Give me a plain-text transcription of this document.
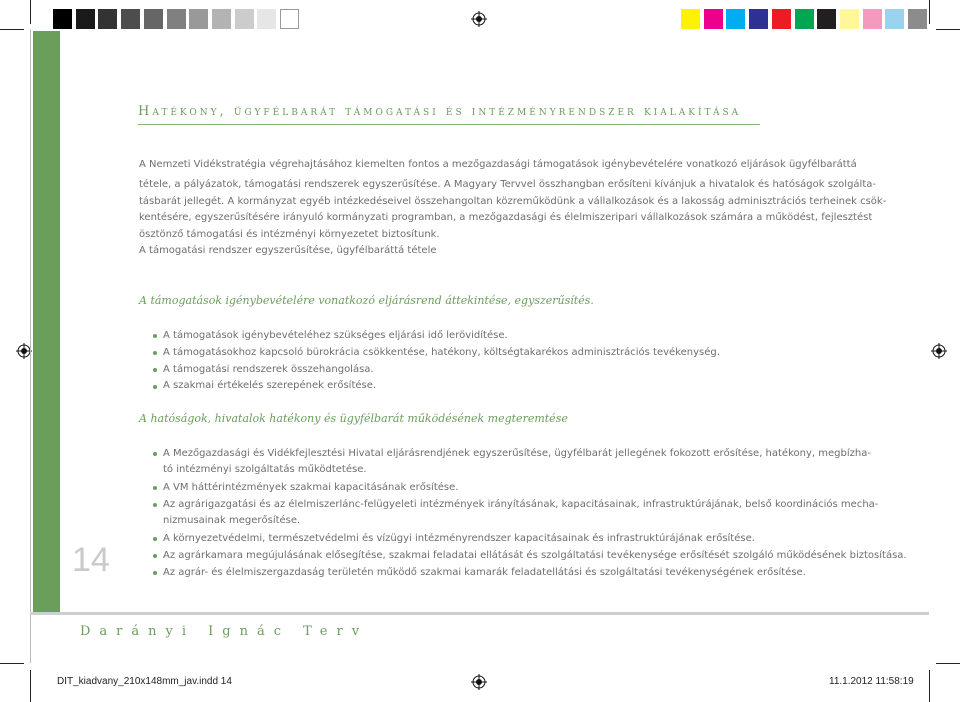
Hatékony, ügyfélbarát támogatási és intézményrendszer kialakítása
A Nemzeti Vidékstratégia végrehajtásához kiemelten fontos a mezőgazdasági támogatások igénybevételére vonatkozó eljárások ügyfélbaráttá
tétele, a pályázatok, támogatási rendszerek egyszerűsítése. A Magyary Tervvel összhangban erősíteni kívánjuk a hivatalok és hatóságok szolgálta-
tásbarát jellegét. A kormányzat egyéb intézkedéseivel összehangoltan közreműködünk a vállalkozások és a lakosság adminisztrációs terheinek csök-
kentésére, egyszerűsítésére irányuló kormányzati programban, a mezőgazdasági és élelmiszeripari vállalkozások számára a működést, fejlesztést
ösztönző támogatási és intézményi környezetet biztosítunk.
A támogatási rendszer egyszerűsítése, ügyfélbaráttá tétele
A támogatások igénybevételére vonatkozó eljárásrend áttekintése, egyszerűsítés.
A támogatások igénybevételéhez szükséges eljárási idő lerövidítése.
A támogatásokhoz kapcsoló bürokrácia csökkentése, hatékony, költségtakarékos adminisztrációs tevékenység.
A támogatási rendszerek összehangolása.
A szakmai értékelés szerepének erősítése.
A hatóságok, hivatalok hatékony és ügyfélbarát működésének megteremtése
A Mezőgazdasági és Vidékfejlesztési Hivatal eljárásrendjének egyszerűsítése, ügyfélbarát jellegének fokozott erősítése, hatékony, megbízha-
tó intézményi szolgáltatás működtetése.
A VM háttérintézmények szakmai kapacitásának erősítése.
Az agrárigazgatási és az élelmiszerlánc-felügyeleti intézmények irányításának, kapacitásainak, infrastruktúrájának, belső koordinációs mecha-
nizmusainak megerősítése.
A környezetvédelmi, természetvédelmi és vízügyi intézményrendszer kapacitásainak és infrastruktúrájának erősítése.
Az agrárkamara megújulásának elősegítése, szakmai feladatai ellátását és szolgáltatási tevékenysége erősítését szolgáló működésének biztosítása.
Az agrár- és élelmiszergazdaság területén működő szakmai kamarák feladatellátási és szolgáltatási tevékenységének erősítése.
14
Darányi Ignác Terv
DIT_kiadvany_210x148mm_jav.indd 14	11.1.2012 11:58:19
